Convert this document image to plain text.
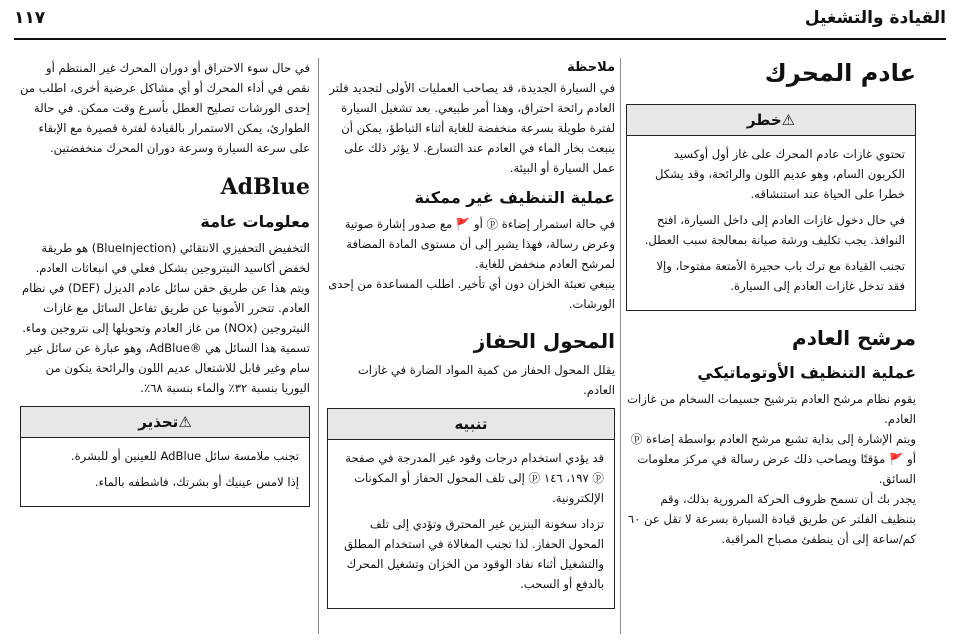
القيادة والتشغيل
١١٧
عادم المحرك
⚠خطر

تحتوي غازات عادم المحرك على غاز أول أوكسيد الكربون السام، وهو عديم اللون والرائحة، وقد يشكل خطرا على الحياة عند استنشاقه.

في حال دخول غازات العادم إلى داخل السيارة، افتح النوافذ. يجب تكليف ورشة صيانة بمعالجة سبب العطل.

تجنب القيادة مع ترك باب حجيرة الأمتعة مفتوحا، وإلا فقد تدخل غازات العادم إلى السيارة.

مرشح العادم
عملية التنظيف الأوتوماتيكي

يقوم نظام مرشح العادم بترشيح جسيمات السخام من غازات العادم.

ويتم الإشارة إلى بداية تشبع مرشح العادم بواسطة إضاءة ⓟ أو 🚩 مؤقتًا ويصاحب ذلك عرض رسالة في مركز معلومات السائق.

يجدر بك أن تسمح ظروف الحركة المرورية بذلك، وقم بتنظيف الفلتر عن طريق قيادة السيارة بسرعة لا تقل عن ٦٠ كم/ساعة إلى أن ينطفئ مصباح المراقبة.

ملاحظة

في السيارة الجديدة، قد يصاحب العمليات الأولى لتجديد فلتر العادم رائحة احتراق، وهذا أمر طبيعي. بعد تشغيل السيارة لفترة طويلة بسرعة منخفضة للغاية أثناء التباطؤ، يمكن أن ينبعث بخار الماء في العادم عند التسارع. لا يؤثر ذلك على عمل السيارة أو البيئة.

عملية التنظيف غير ممكنة

في حالة استمرار إضاءة ⓟ أو 🚩 مع صدور إشارة صوتية وعرض رسالة، فهذا يشير إلى أن مستوى المادة المضافة لمرشح العادم منخفض للغاية.

ينبغي تعبئة الخزان دون أي تأخير. اطلب المساعدة من إحدى الورشات.

المحول الحفاز

يقلل المحول الحفاز من كمية المواد الضارة في غازات العادم.

تنبيه

قد يؤدي استخدام درجات وقود غير المدرجة في صفحة ⓟ ١٩٧، ١٤٦ ⓟ إلى تلف المحول الحفاز أو المكونات الإلكترونية.

تزداد سخونة البنزين غير المحترق وتؤدي إلى تلف المحول الحفاز. لذا تجنب المغالاة في استخدام المطلق والتشغيل أثناء نفاد الوقود من الخزان وتشغيل المحرك بالدفع أو السحب.

في حال سوء الاحتراق أو دوران المحرك غير المنتظم أو نقص في أداء المحرك أو أي مشاكل عرضية أخرى، اطلب من إحدى الورشات تصليح العطل بأسرع وقت ممكن. في حالة الطوارئ، يمكن الاستمرار بالقيادة لفترة قصيرة مع الإبقاء على سرعة السيارة وسرعة دوران المحرك منخفضتين.

AdBlue
معلومات عامة

التخفيض التحفيزي الانتقائي (BlueInjection) هو طريقة لخفض أكاسيد النيتروجين بشكل فعلي في انبعاثات العادم. ويتم هذا عن طريق حقن سائل عادم الديزل (DEF) في نظام العادم. تتحرر الأمونيا عن طريق تفاعل السائل مع غازات النيتروجين (NOx) من غاز العادم وتحويلها إلى نتروجين وماء.

تسمية هذا السائل هي ®AdBlue، وهو عبارة عن سائل غير سام وغير قابل للاشتعال عديم اللون والرائحة يتكون من اليوريا بنسبة ٣٢٪ والماء بنسبة ٦٨٪.

⚠تحذير

تجنب ملامسة سائل AdBlue للعينين أو للبشرة.

إذا لامس عينيك أو بشرتك، فاشطفه بالماء.
